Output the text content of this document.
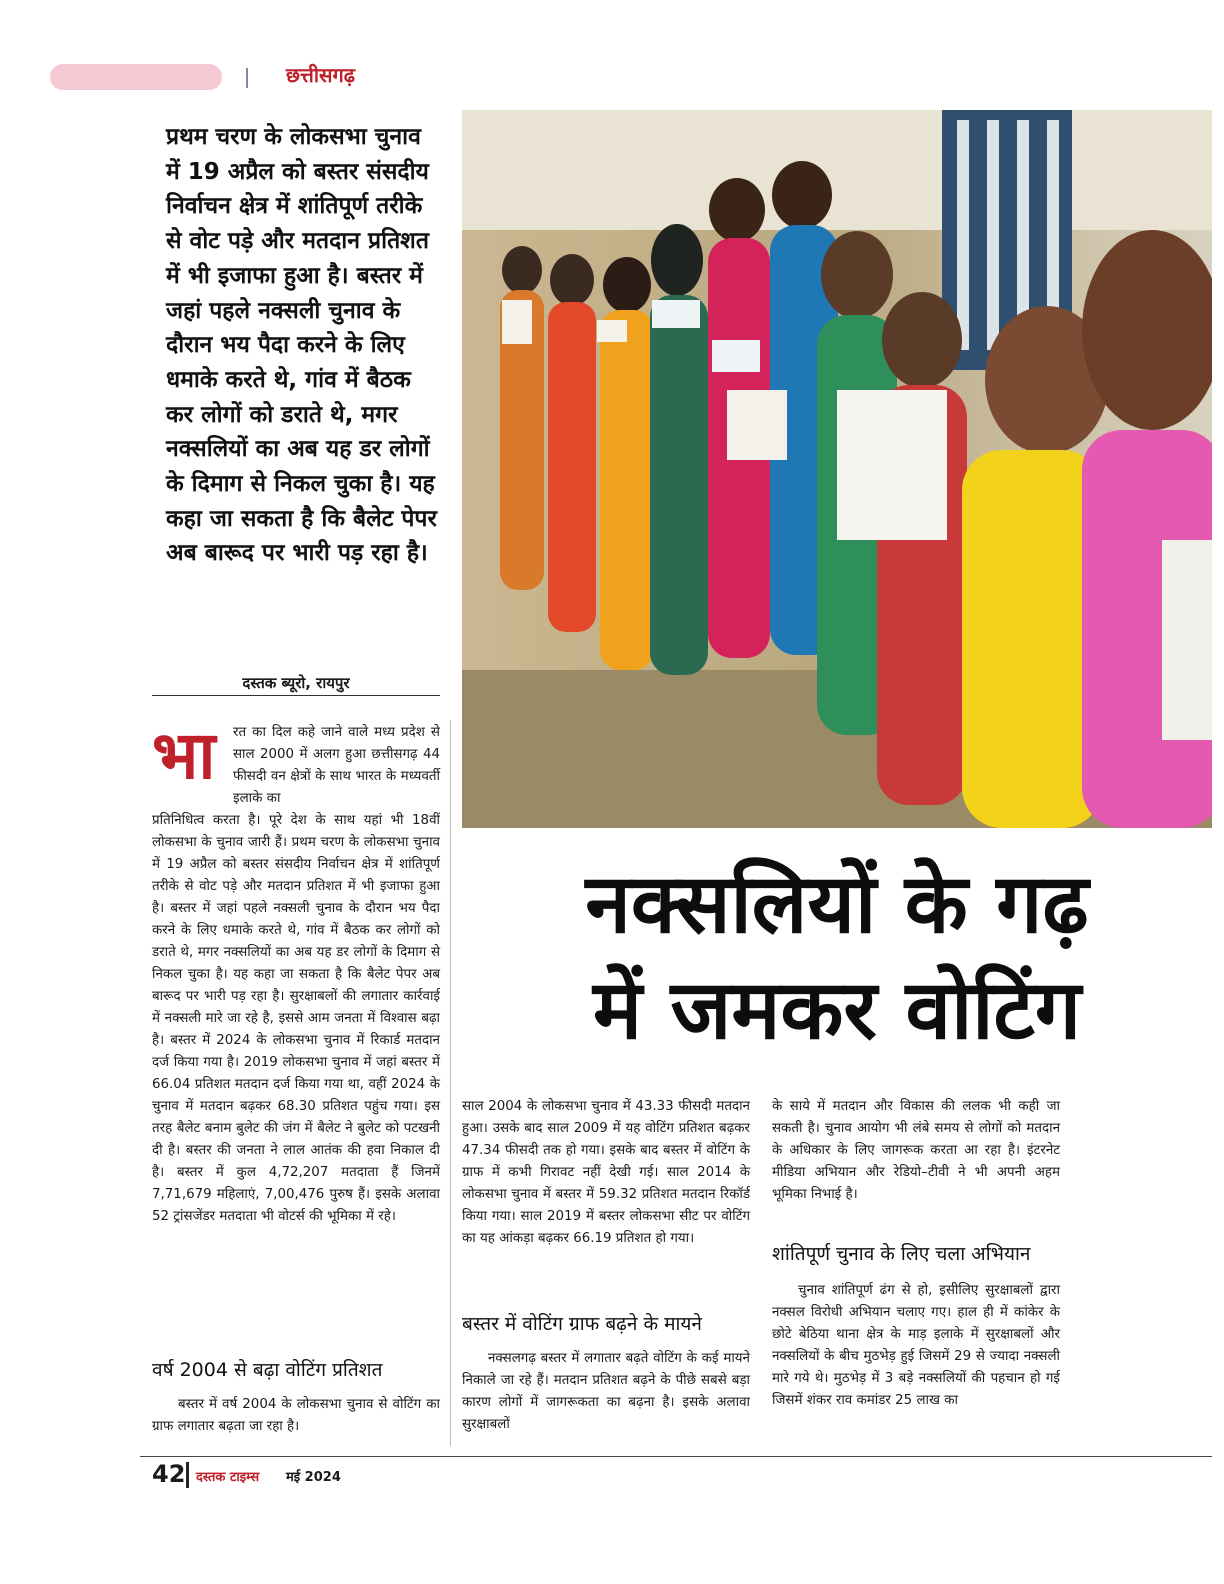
छत्तीसगढ़
प्रथम चरण के लोकसभा चुनाव में 19 अप्रैल को बस्तर संसदीय निर्वाचन क्षेत्र में शांतिपूर्ण तरीके से वोट पड़े और मतदान प्रतिशत में भी इजाफा हुआ है। बस्तर में जहां पहले नक्सली चुनाव के दौरान भय पैदा करने के लिए धमाके करते थे, गांव में बैठक कर लोगों को डराते थे, मगर नक्सलियों का अब यह डर लोगों के दिमाग से निकल चुका है। यह कहा जा सकता है कि बैलेट पेपर अब बारूद पर भारी पड़ रहा है।
दस्तक ब्यूरो, रायपुर
भा रत का दिल कहे जाने वाले मध्य प्रदेश से साल 2000 में अलग हुआ छत्तीसगढ़ 44 फीसदी वन क्षेत्रों के साथ भारत के मध्यवर्ती इलाके का

प्रतिनिधित्व करता है। पूरे देश के साथ यहां भी 18वीं लोकसभा के चुनाव जारी हैं। प्रथम चरण के लोकसभा चुनाव में 19 अप्रैल को बस्तर संसदीय निर्वाचन क्षेत्र में शांतिपूर्ण तरीके से वोट पड़े और मतदान प्रतिशत में भी इजाफा हुआ है। बस्तर में जहां पहले नक्सली चुनाव के दौरान भय पैदा करने के लिए धमाके करते थे, गांव में बैठक कर लोगों को डराते थे, मगर नक्सलियों का अब यह डर लोगों के दिमाग से निकल चुका है। यह कहा जा सकता है कि बैलेट पेपर अब बारूद पर भारी पड़ रहा है। सुरक्षाबलों की लगातार कार्रवाई में नक्सली मारे जा रहे है, इससे आम जनता में विश्वास बढ़ा है। बस्तर में 2024 के लोकसभा चुनाव में रिकार्ड मतदान दर्ज किया गया है। 2019 लोकसभा चुनाव में जहां बस्तर में 66.04 प्रतिशत मतदान दर्ज किया गया था, वहीं 2024 के चुनाव में मतदान बढ़कर 68.30 प्रतिशत पहुंच गया। इस तरह बैलेट बनाम बुलेट की जंग में बैलेट ने बुलेट को पटखनी दी है। बस्तर की जनता ने लाल आतंक की हवा निकाल दी है। बस्तर में कुल 4,72,207 मतदाता हैं जिनमें 7,71,679 महिलाएं, 7,00,476 पुरुष हैं। इसके अलावा 52 ट्रांसजेंडर मतदाता भी वोटर्स की भूमिका में रहे।

वर्ष 2004 से बढ़ा वोटिंग प्रतिशत

बस्तर में वर्ष 2004 के लोकसभा चुनाव से वोटिंग का ग्राफ लगातार बढ़ता जा रहा है।

नक्सलियों के गढ़
में जमकर वोटिंग

साल 2004 के लोकसभा चुनाव में 43.33 फीसदी मतदान हुआ। उसके बाद साल 2009 में यह वोटिंग प्रतिशत बढ़कर 47.34 फीसदी तक हो गया। इसके बाद बस्तर में वोटिंग के ग्राफ में कभी गिरावट नहीं देखी गई। साल 2014 के लोकसभा चुनाव में बस्तर में 59.32 प्रतिशत मतदान रिकॉर्ड किया गया। साल 2019 में बस्तर लोकसभा सीट पर वोटिंग का यह आंकड़ा बढ़कर 66.19 प्रतिशत हो गया।

बस्तर में वोटिंग ग्राफ बढ़ने के मायने

नक्सलगढ़ बस्तर में लगातार बढ़ते वोटिंग के कई मायने निकाले जा रहे हैं। मतदान प्रतिशत बढ़ने के पीछे सबसे बड़ा कारण लोगों में जागरूकता का बढ़ना है। इसके अलावा सुरक्षाबलों

के साये में मतदान और विकास की ललक भी कही जा सकती है। चुनाव आयोग भी लंबे समय से लोगों को मतदान के अधिकार के लिए जागरूक करता आ रहा है। इंटरनेट मीडिया अभियान और रेडियो–टीवी ने भी अपनी अहम भूमिका निभाई है।

शांतिपूर्ण चुनाव के लिए चला अभियान

चुनाव शांतिपूर्ण ढंग से हो, इसीलिए सुरक्षाबलों द्वारा नक्सल विरोधी अभियान चलाए गए। हाल ही में कांकेर के छोटे बेठिया थाना क्षेत्र के माड़ इलाके में सुरक्षाबलों और नक्सलियों के बीच मुठभेड़ हुई जिसमें 29 से ज्यादा नक्सली मारे गये थे। मुठभेड़ में 3 बड़े नक्सलियों की पहचान हो गई जिसमें शंकर राव कमांडर 25 लाख का

42 दस्तक टाइम्स मई 2024
